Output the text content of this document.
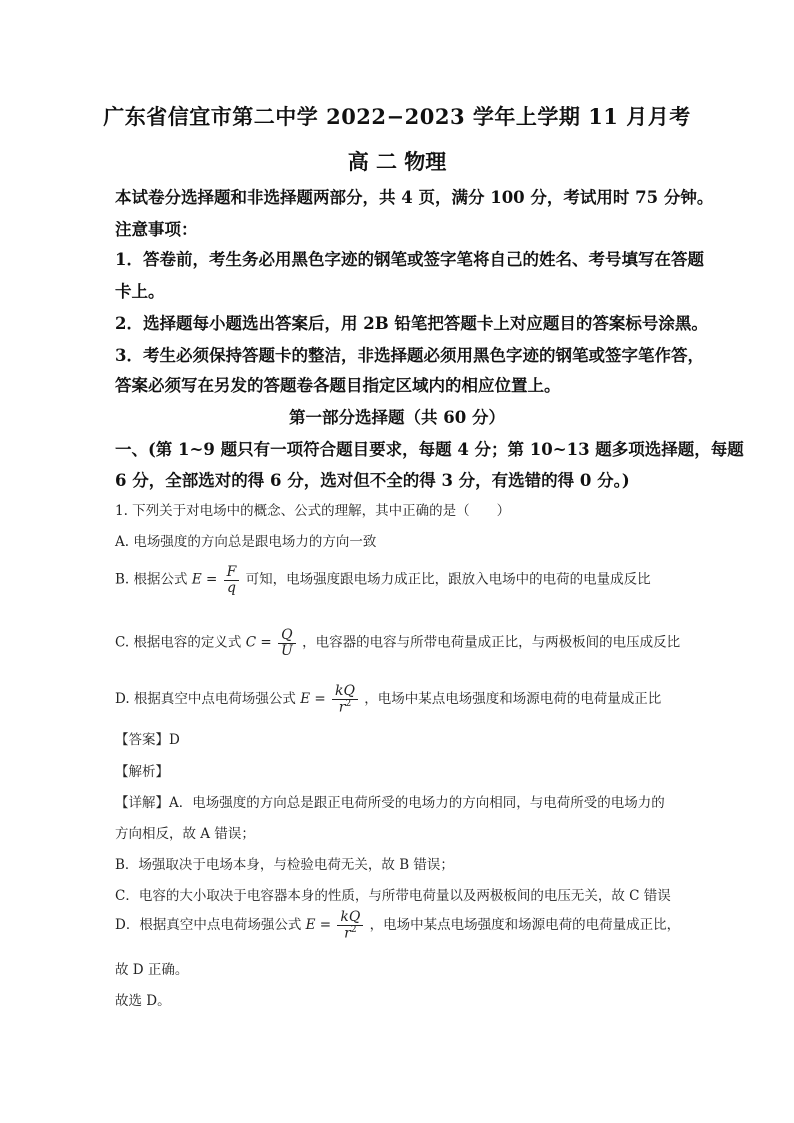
广东省信宜市第二中学 2022−2023 学年上学期 11 月月考
高 二 物理
本试卷分选择题和非选择题两部分，共 4 页，满分 100 分，考试用时 75 分钟。
注意事项：
1．答卷前，考生务必用黑色字迹的钢笔或签字笔将自己的姓名、考号填写在答题
卡上。
2．选择题每小题选出答案后，用 2B 铅笔把答题卡上对应题目的答案标号涂黑。
3．考生必须保持答题卡的整洁，非选择题必须用黑色字迹的钢笔或签字笔作答，
答案必须写在另发的答题卷各题目指定区域内的相应位置上。
第一部分选择题（共 60 分）
一、(第 1~9 题只有一项符合题目要求，每题 4 分；第 10~13 题多项选择题，每题
6 分，全部选对的得 6 分，选对但不全的得 3 分，有选错的得 0 分。)
1. 下列关于对电场中的概念、公式的理解，其中正确的是（　　）
A. 电场强度的方向总是跟电场力的方向一致
B. 根据公式 $E = \frac{F}{q}$ 可知，电场强度跟电场力成正比，跟放入电场中的电荷的电量成反比
C. 根据电容的定义式 $C = \frac{Q}{U}$ ，电容器的电容与所带电荷量成正比，与两极板间的电压成反比
D. 根据真空中点电荷场强公式 $E = \frac{kQ}{r^2}$ ，电场中某点电场强度和场源电荷的电荷量成正比
【答案】D
【解析】
【详解】A．电场强度的方向总是跟正电荷所受的电场力的方向相同，与电荷所受的电场力的
方向相反，故 A 错误；
B．场强取决于电场本身，与检验电荷无关，故 B 错误；
C．电容的大小取决于电容器本身的性质，与所带电荷量以及两极板间的电压无关，故 C 错误
D．根据真空中点电荷场强公式 $E = \frac{kQ}{r^2}$ ，电场中某点电场强度和场源电荷的电荷量成正比，
故 D 正确。
故选 D。
